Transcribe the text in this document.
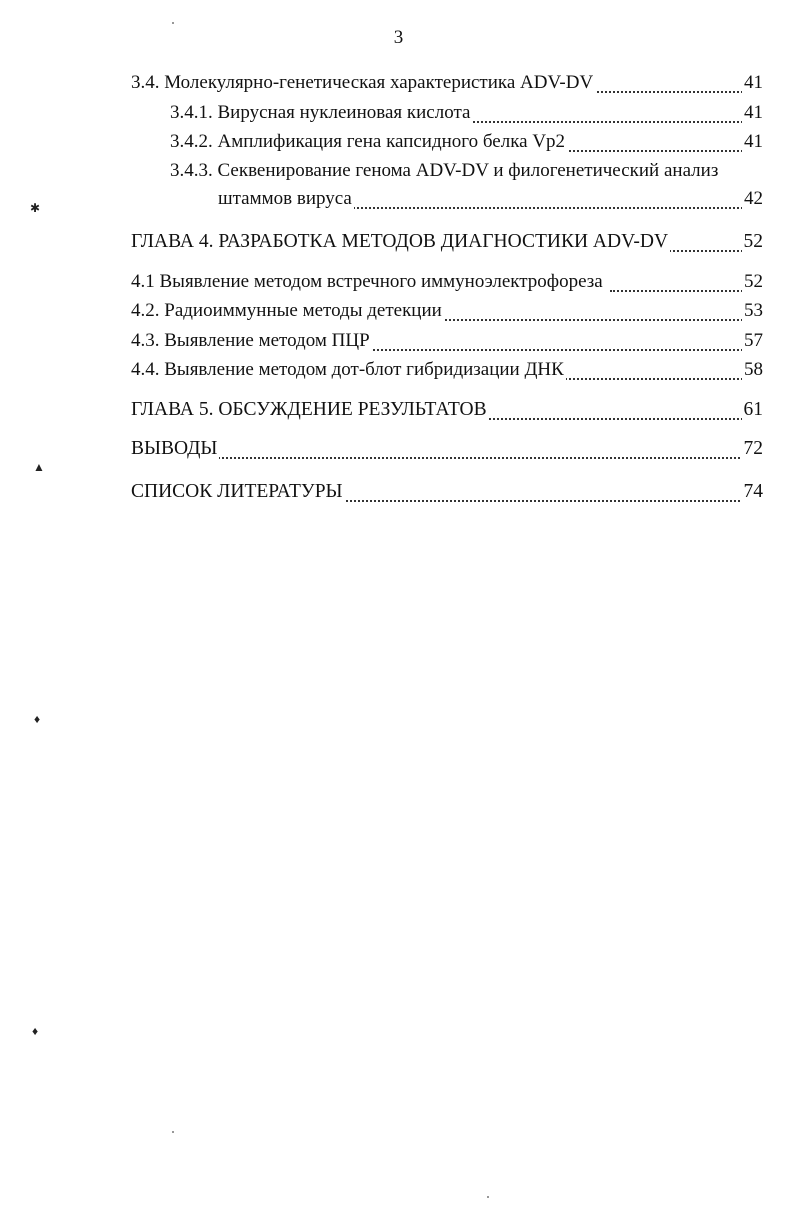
3
3.4. Молекулярно-генетическая характеристика ADV-DV	41
3.4.1. Вирусная нуклеиновая кислота	41
3.4.2. Амплификация гена капсидного белка Vp2	41
3.4.3. Секвенирование генома ADV-DV и филогенетический анализ
штаммов вируса	42
ГЛАВА 4. РАЗРАБОТКА МЕТОДОВ ДИАГНОСТИКИ ADV-DV	52
4.1 Выявление методом встречного иммуноэлектрофореза	52
4.2. Радиоиммунные методы детекции	53
4.3. Выявление методом ПЦР	57
4.4. Выявление методом дот-блот гибридизации ДНК	58
ГЛАВА 5. ОБСУЖДЕНИЕ РЕЗУЛЬТАТОВ	61
ВЫВОДЫ	72
СПИСОК ЛИТЕРАТУРЫ	74
✱
▲
♦
♦
